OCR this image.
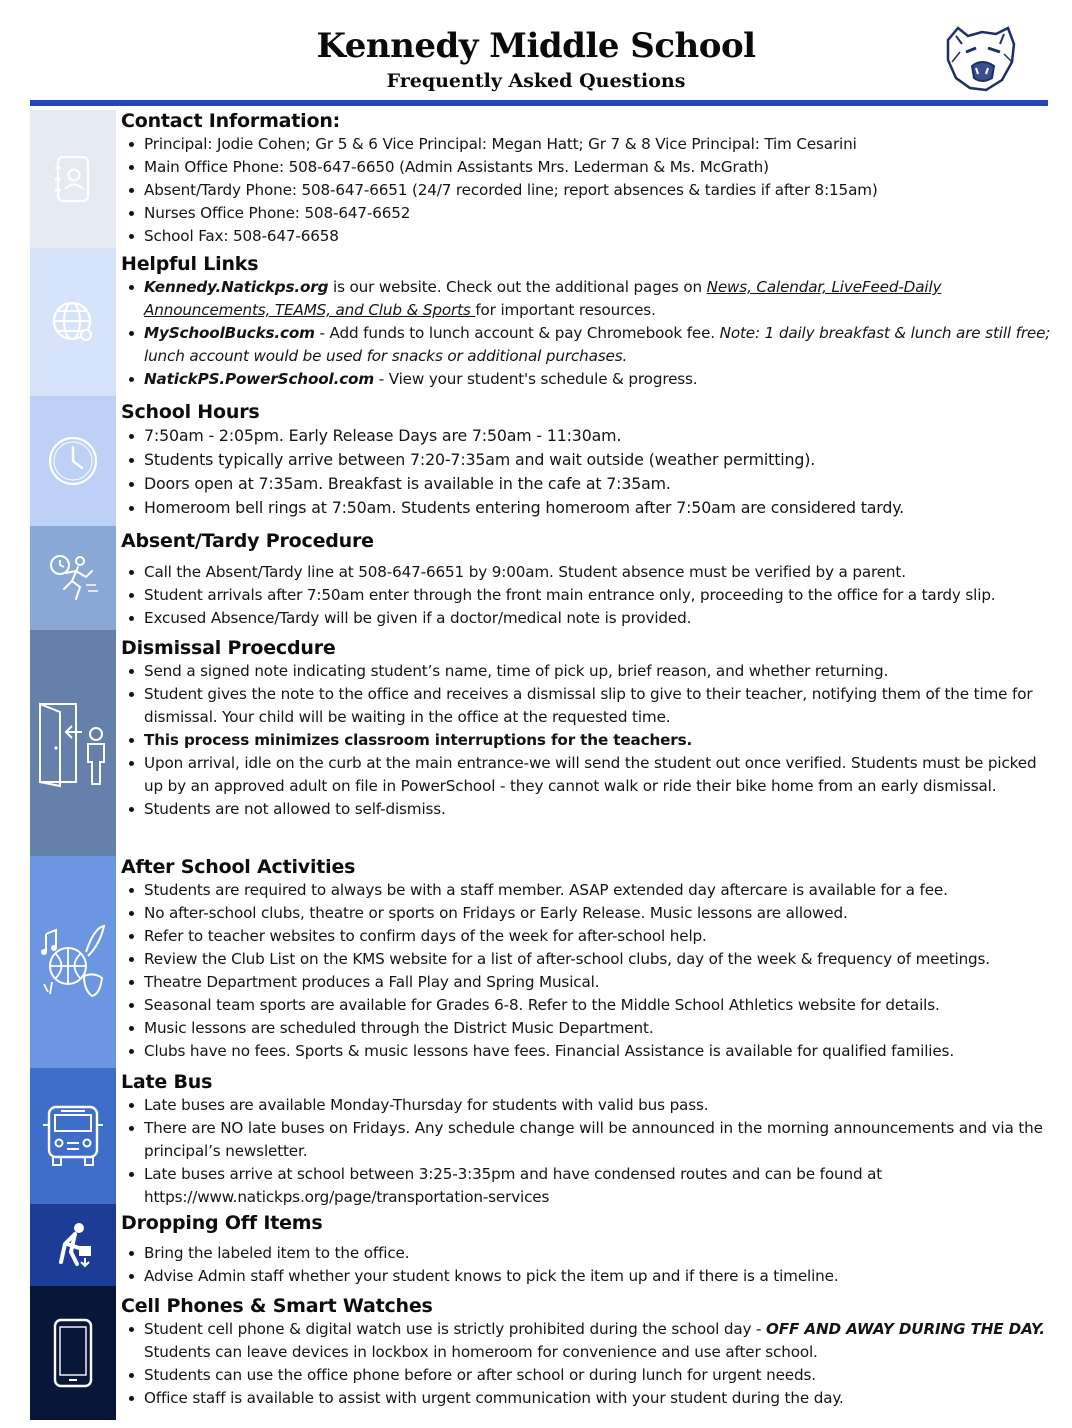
Kennedy Middle School
Frequently Asked Questions
Contact Information:
Principal: Jodie Cohen; Gr 5 & 6 Vice Principal: Megan Hatt; Gr 7 & 8 Vice Principal: Tim Cesarini
Main Office Phone: 508-647-6650 (Admin Assistants Mrs. Lederman & Ms. McGrath)
Absent/Tardy Phone: 508-647-6651 (24/7 recorded line; report absences & tardies if after 8:15am)
Nurses Office Phone: 508-647-6652
School Fax: 508-647-6658
Helpful Links
Kennedy.Natickps.org is our website. Check out the additional pages on News, Calendar, LiveFeed-Daily Announcements, TEAMS, and Club & Sports for important resources.
MySchoolBucks.com - Add funds to lunch account & pay Chromebook fee. Note: 1 daily breakfast & lunch are still free; lunch account would be used for snacks or additional purchases.
NatickPS.PowerSchool.com - View your student's schedule & progress.
School Hours
7:50am - 2:05pm. Early Release Days are 7:50am - 11:30am.
Students typically arrive between 7:20-7:35am and wait outside (weather permitting).
Doors open at 7:35am. Breakfast is available in the cafe at 7:35am.
Homeroom bell rings at 7:50am. Students entering homeroom after 7:50am are considered tardy.
Absent/Tardy Procedure
Call the Absent/Tardy line at 508-647-6651 by 9:00am. Student absence must be verified by a parent.
Student arrivals after 7:50am enter through the front main entrance only, proceeding to the office for a tardy slip.
Excused Absence/Tardy will be given if a doctor/medical note is provided.
Dismissal Proecdure
Send a signed note indicating student’s name, time of pick up, brief reason, and whether returning.
Student gives the note to the office and receives a dismissal slip to give to their teacher, notifying them of the time for dismissal. Your child will be waiting in the office at the requested time.
This process minimizes classroom interruptions for the teachers.
Upon arrival, idle on the curb at the main entrance-we will send the student out once verified. Students must be picked up by an approved adult on file in PowerSchool - they cannot walk or ride their bike home from an early dismissal.
Students are not allowed to self-dismiss.
After School Activities
Students are required to always be with a staff member. ASAP extended day aftercare is available for a fee.
No after-school clubs, theatre or sports on Fridays or Early Release. Music lessons are allowed.
Refer to teacher websites to confirm days of the week for after-school help.
Review the Club List on the KMS website for a list of after-school clubs, day of the week & frequency of meetings.
Theatre Department produces a Fall Play and Spring Musical.
Seasonal team sports are available for Grades 6-8. Refer to the Middle School Athletics website for details.
Music lessons are scheduled through the District Music Department.
Clubs have no fees. Sports & music lessons have fees. Financial Assistance is available for qualified families.
Late Bus
Late buses are available Monday-Thursday for students with valid bus pass.
There are NO late buses on Fridays. Any schedule change will be announced in the morning announcements and via the principal’s newsletter.
Late buses arrive at school between 3:25-3:35pm and have condensed routes and can be found at https://www.natickps.org/page/transportation-services
Dropping Off Items
Bring the labeled item to the office.
Advise Admin staff whether your student knows to pick the item up and if there is a timeline.
Cell Phones & Smart Watches
Student cell phone & digital watch use is strictly prohibited during the school day - OFF AND AWAY DURING THE DAY. Students can leave devices in lockbox in homeroom for convenience and use after school.
Students can use the office phone before or after school or during lunch for urgent needs.
Office staff is available to assist with urgent communication with your student during the day.
